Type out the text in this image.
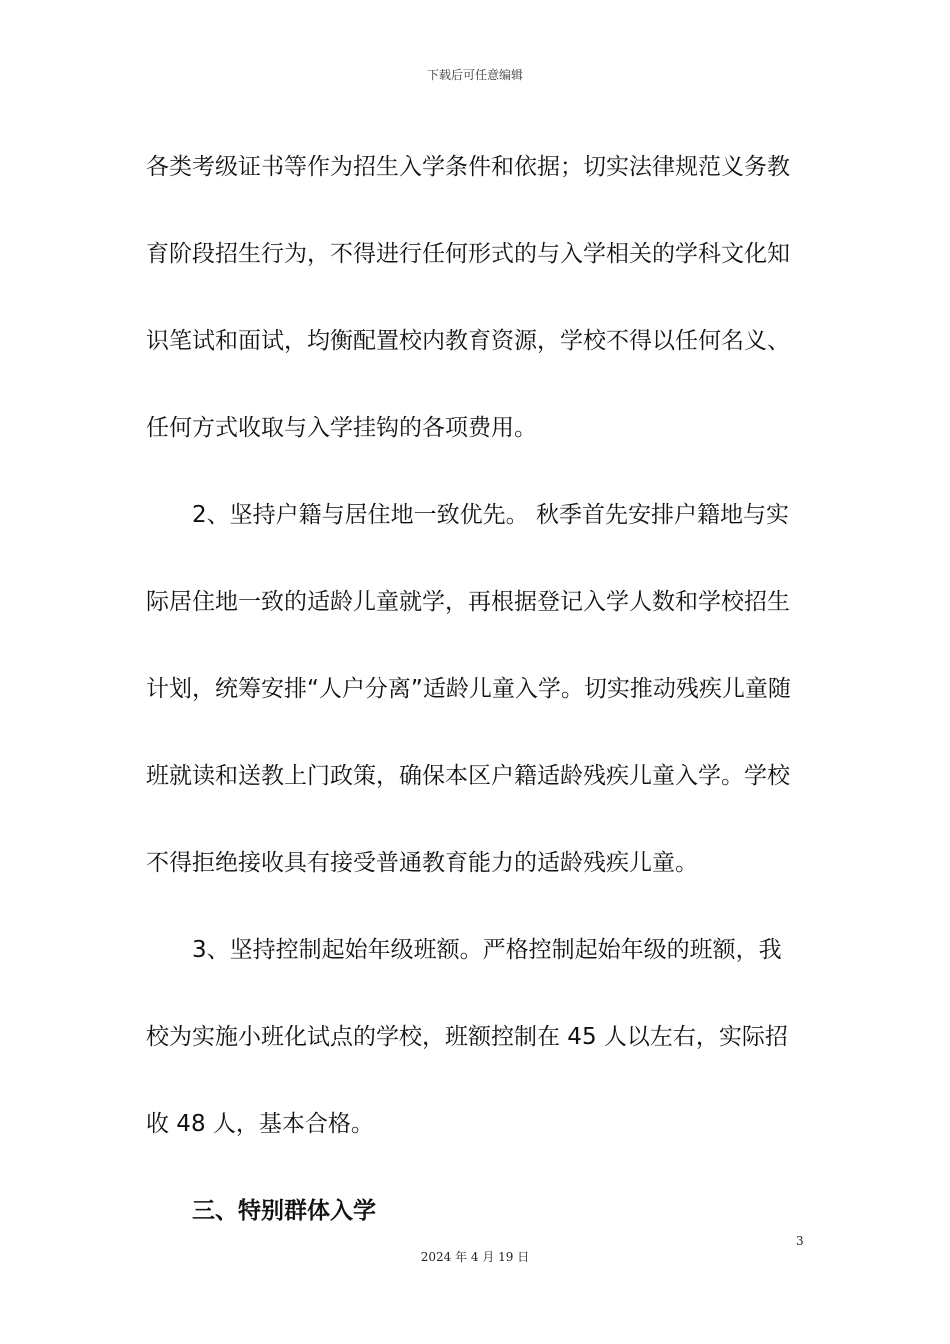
下载后可任意编辑
各类考级证书等作为招生入学条件和依据；切实法律规范义务教
育阶段招生行为，不得进行任何形式的与入学相关的学科文化知
识笔试和面试，均衡配置校内教育资源，学校不得以任何名义、
任何方式收取与入学挂钩的各项费用。
2、坚持户籍与居住地一致优先。 秋季首先安排户籍地与实
际居住地一致的适龄儿童就学，再根据登记入学人数和学校招生
计划，统筹安排“人户分离”适龄儿童入学。切实推动残疾儿童随
班就读和送教上门政策，确保本区户籍适龄残疾儿童入学。学校
不得拒绝接收具有接受普通教育能力的适龄残疾儿童。
3、坚持控制起始年级班额。严格控制起始年级的班额，我
校为实施小班化试点的学校，班额控制在 45 人以左右，实际招
收 48 人，基本合格。
三、特别群体入学
3
2024 年 4 月 19 日
